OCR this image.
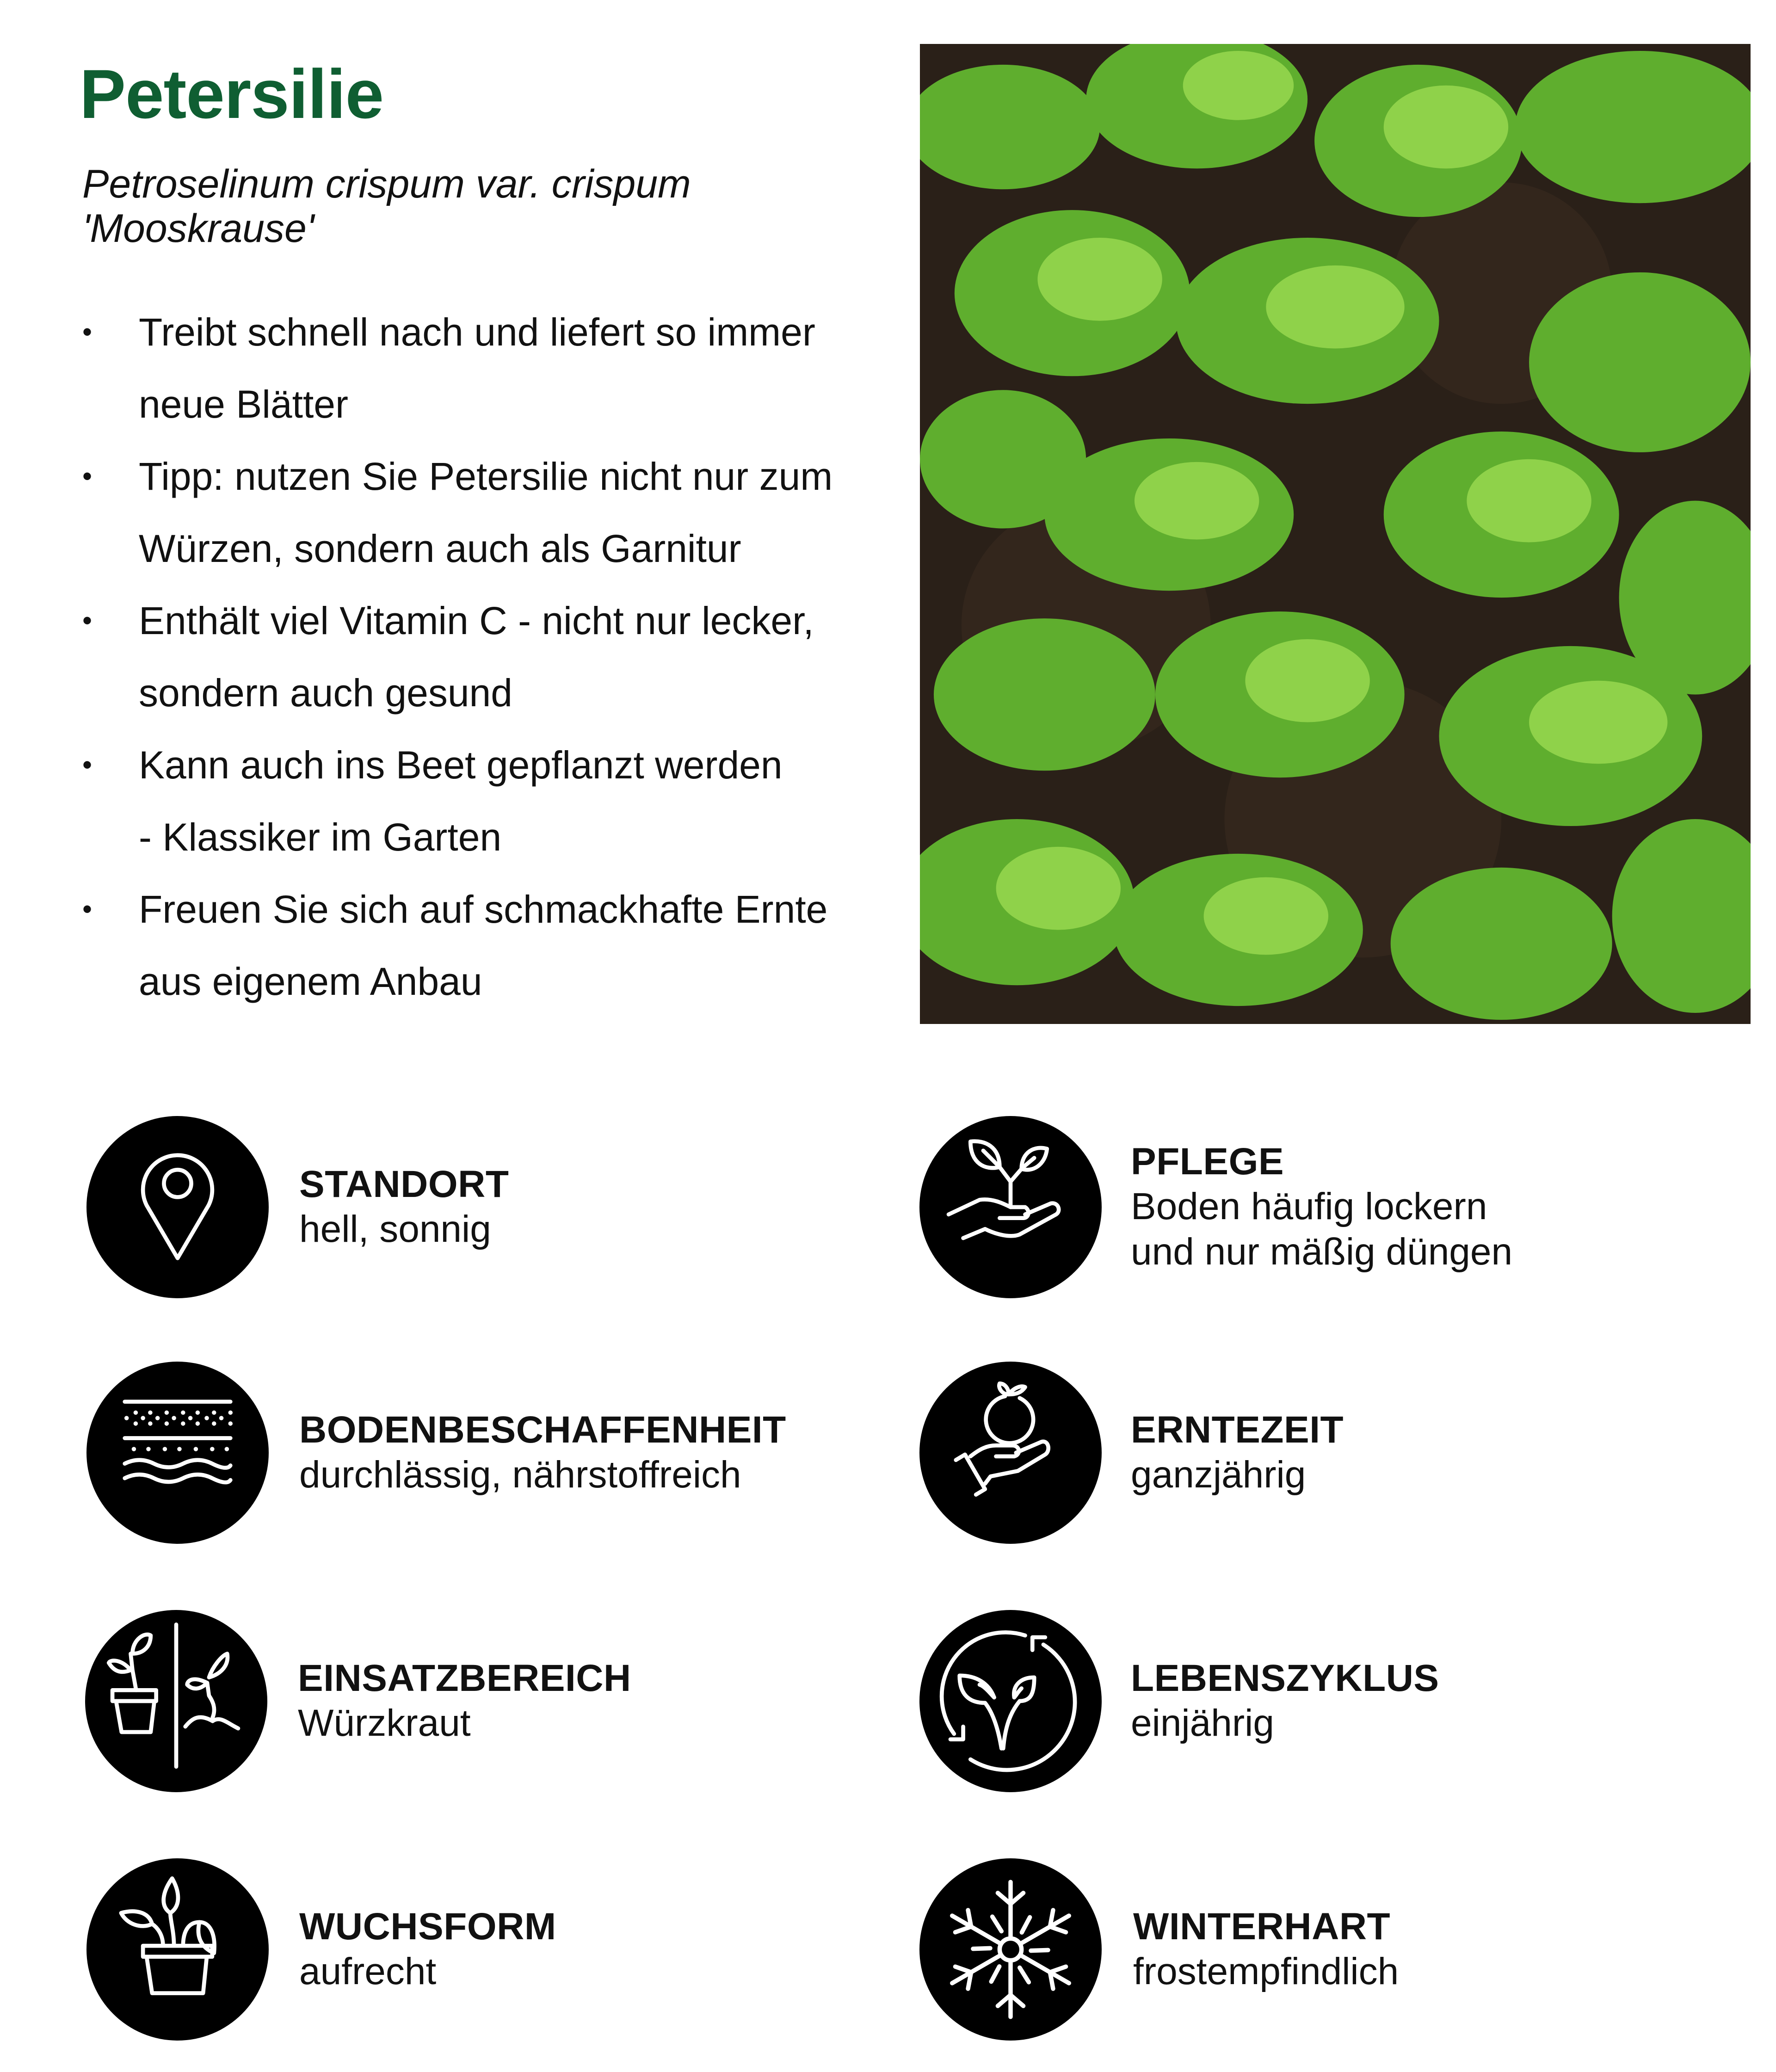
Petersilie

Petroselinum crispum var. crispum
'Mooskrause'

• Treibt schnell nach und liefert so immer
neue Blätter
• Tipp: nutzen Sie Petersilie nicht nur zum
Würzen, sondern auch als Garnitur
• Enthält viel Vitamin C - nicht nur lecker,
sondern auch gesund
• Kann auch ins Beet gepflanzt werden
- Klassiker im Garten
• Freuen Sie sich auf schmackhafte Ernte
aus eigenem Anbau
STANDORT
hell, sonnig
BODENBESCHAFFENHEIT
durchlässig, nährstoffreich
EINSATZBEREICH
Würzkraut
WUCHSFORM
aufrecht
PFLEGE
Boden häufig lockern
und nur mäßig düngen
ERNTEZEIT
ganzjährig
LEBENSZYKLUS
einjährig
WINTERHART
frostempfindlich
